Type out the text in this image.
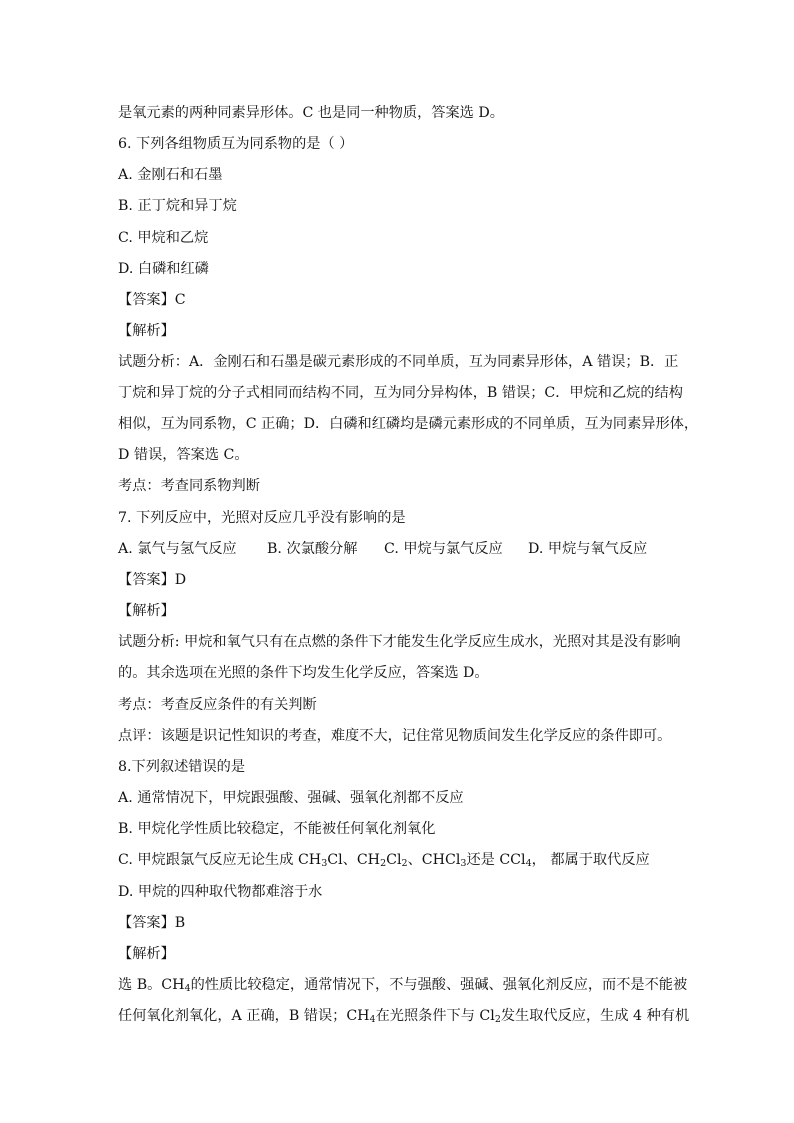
是氧元素的两种同素异形体。C 也是同一种物质，答案选 D。
6. 下列各组物质互为同系物的是（ ）
A. 金刚石和石墨
B. 正丁烷和异丁烷
C. 甲烷和乙烷
D. 白磷和红磷
【答案】C
【解析】
试题分析：A．金刚石和石墨是碳元素形成的不同单质，互为同素异形体，A 错误；B．正
丁烷和异丁烷的分子式相同而结构不同，互为同分异构体，B 错误；C．甲烷和乙烷的结构
相似，互为同系物，C 正确；D．白磷和红磷均是磷元素形成的不同单质，互为同素异形体，
D 错误，答案选 C。
考点：考查同系物判断
7. 下列反应中，光照对反应几乎没有影响的是
A. 氯气与氢气反应 B. 次氯酸分解 C. 甲烷与氯气反应 D. 甲烷与氧气反应
【答案】D
【解析】
试题分析: 甲烷和氧气只有在点燃的条件下才能发生化学反应生成水，光照对其是没有影响
的。其余选项在光照的条件下均发生化学反应，答案选 D。
考点：考查反应条件的有关判断
点评：该题是识记性知识的考查，难度不大，记住常见物质间发生化学反应的条件即可。
8.下列叙述错误的是
A. 通常情况下，甲烷跟强酸、强碱、强氧化剂都不反应
B. 甲烷化学性质比较稳定，不能被任何氧化剂氧化
C. 甲烷跟氯气反应无论生成 $CH_3Cl$、$CH_2Cl_2$、CHCl$_3$还是 CCl$_4$， 都属于取代反应
D. 甲烷的四种取代物都难溶于水
【答案】B
【解析】
选 B。$CH_4$的性质比较稳定，通常情况下，不与强酸、强碱、强氧化剂反应，而不是不能被
任何氧化剂氧化，A 正确，B 错误；$CH_4$在光照条件下与 $Cl_2$发生取代反应，生成 4 种有机
